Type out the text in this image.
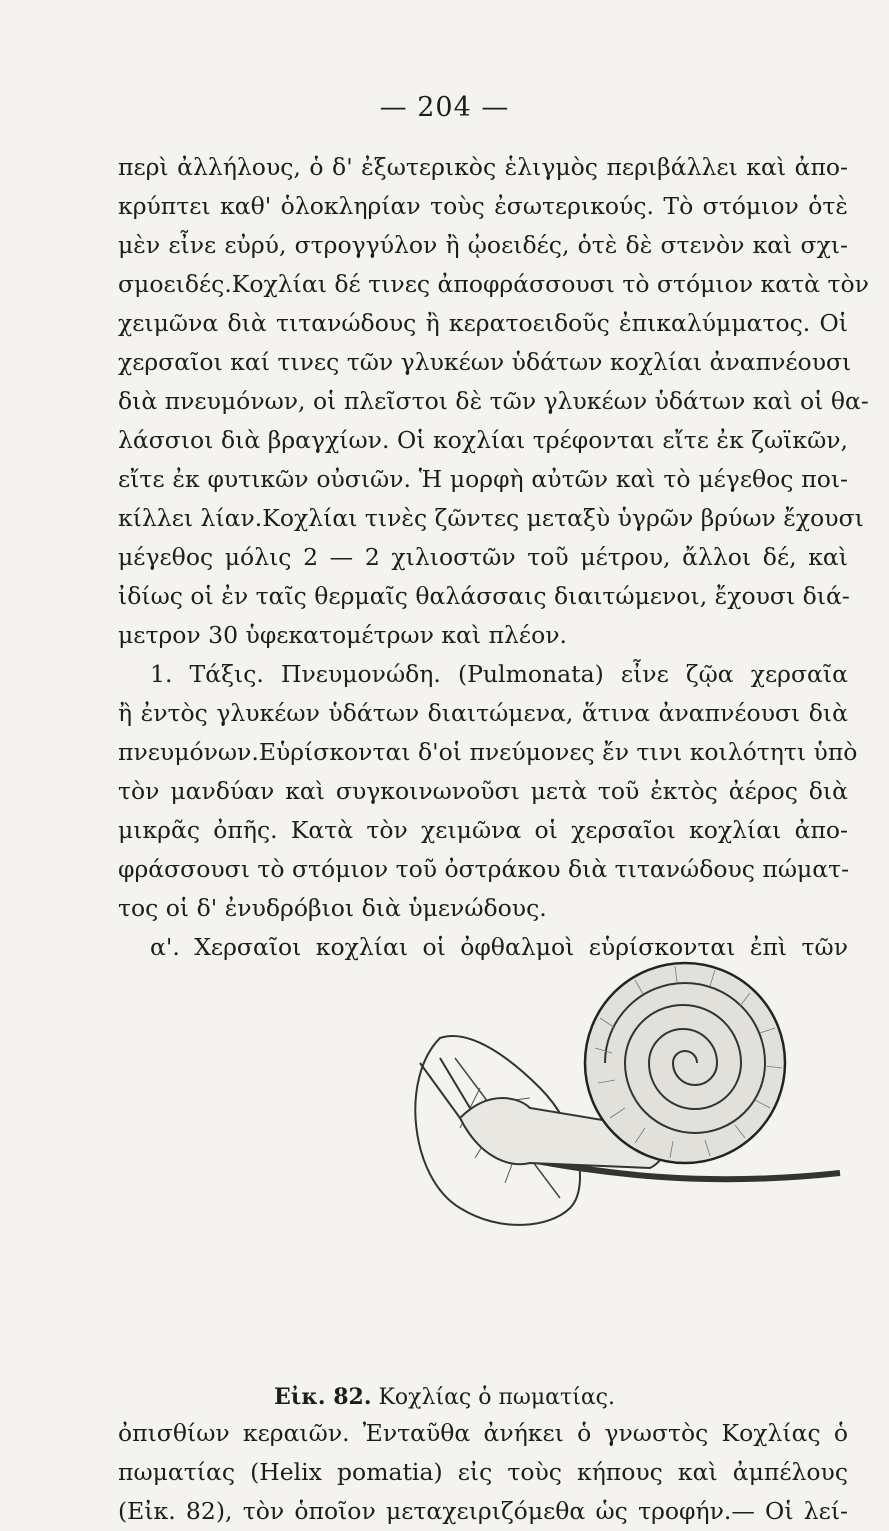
— 204 —
περὶ ἀλλήλους, ὁ δ' ἐξωτερικὸς ἑλιγμὸς περιβάλλει καὶ ἀπο-
κρύπτει καθ' ὁλοκληρίαν τοὺς ἐσωτερικούς. Τὸ στόμιον ὁτὲ
μὲν εἶνε εὐρύ, στρογγύλον ἢ ᾠοειδές, ὁτὲ δὲ στενὸν καὶ σχι-
σμοειδές.Κοχλίαι δέ τινες ἀποφράσσουσι τὸ στόμιον κατὰ τὸν
χειμῶνα διὰ τιτανώδους ἢ κερατοειδοῦς ἐπικαλύμματος. Οἱ
χερσαῖοι καί τινες τῶν γλυκέων ὑδάτων κοχλίαι ἀναπνέουσι
διὰ πνευμόνων, οἱ πλεῖστοι δὲ τῶν γλυκέων ὑδάτων καὶ οἱ θα-
λάσσιοι διὰ βραγχίων. Οἱ κοχλίαι τρέφονται εἴτε ἐκ ζωϊκῶν,
εἴτε ἐκ φυτικῶν οὐσιῶν. Ἡ μορφὴ αὐτῶν καὶ τὸ μέγεθος ποι-
κίλλει λίαν.Κοχλίαι τινὲς ζῶντες μεταξὺ ὑγρῶν βρύων ἔχουσι
μέγεθος μόλις 2 — 2 χιλιοστῶν τοῦ μέτρου, ἄλλοι δέ, καὶ
ἰδίως οἱ ἐν ταῖς θερμαῖς θαλάσσαις διαιτώμενοι, ἔχουσι διά-
μετρον 30 ὑφεκατομέτρων καὶ πλέον.
1. Τάξις. Πνευμονώδη. (Pulmonata) εἶνε ζῷα χερσαῖα
ἢ ἐντὸς γλυκέων ὑδάτων διαιτώμενα, ἅτινα ἀναπνέουσι διὰ
πνευμόνων.Εὑρίσκονται δ'οἱ πνεύμονες ἔν τινι κοιλότητι ὑπὸ
τὸν μανδύαν καὶ συγκοινωνοῦσι μετὰ τοῦ ἐκτὸς ἀέρος διὰ
μικρᾶς ὀπῆς. Κατὰ τὸν χειμῶνα οἱ χερσαῖοι κοχλίαι ἀπο-
φράσσουσι τὸ στόμιον τοῦ ὀστράκου διὰ τιτανώδους πώματ-
τος οἱ δ' ἐνυδρόβιοι διὰ ὑμενώδους.
α'. Χερσαῖοι κοχλίαι οἱ ὀφθαλμοὶ εὑρίσκονται ἐπὶ τῶν
Εἰκ. 82. Κοχλίας ὁ πωματίας.
ὀπισθίων κεραιῶν. Ἐνταῦθα ἀνήκει ὁ γνωστὸς Κοχλίας ὁ
πωματίας (Helix pomatia) εἰς τοὺς κήπους καὶ ἀμπέλους
(Εἰκ. 82), τὸν ὁποῖον μεταχειριζόμεθα ὡς τροφήν.— Οἱ λεί-
